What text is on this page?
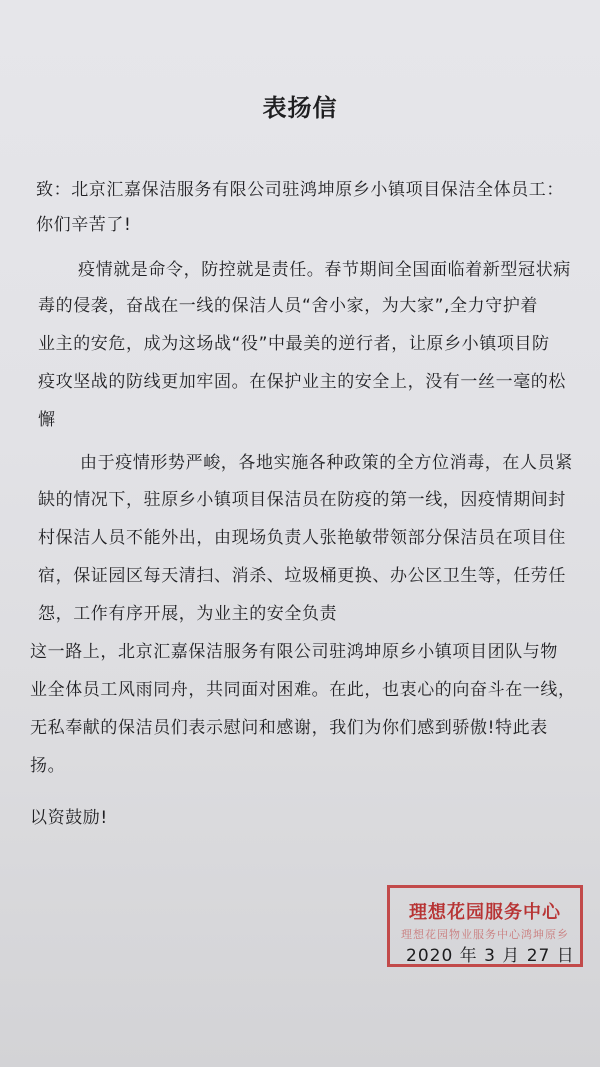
表扬信
致：北京汇嘉保洁服务有限公司驻鸿坤原乡小镇项目保洁全体员工：
你们辛苦了!
疫情就是命令，防控就是责任。春节期间全国面临着新型冠状病
毒的侵袭，奋战在一线的保洁人员“舍小家，为大家”,全力守护着
业主的安危，成为这场战“役”中最美的逆行者，让原乡小镇项目防
疫攻坚战的防线更加牢固。在保护业主的安全上，没有一丝一毫的松
懈
由于疫情形势严峻，各地实施各种政策的全方位消毒，在人员紧
缺的情况下，驻原乡小镇项目保洁员在防疫的第一线，因疫情期间封
村保洁人员不能外出，由现场负责人张艳敏带领部分保洁员在项目住
宿，保证园区每天清扫、消杀、垃圾桶更换、办公区卫生等，任劳任
怨，工作有序开展，为业主的安全负责
这一路上，北京汇嘉保洁服务有限公司驻鸿坤原乡小镇项目团队与物
业全体员工风雨同舟，共同面对困难。在此，也衷心的向奋斗在一线，
无私奉献的保洁员们表示慰问和感谢，我们为你们感到骄傲!特此表
扬。
以资鼓励!
理想花园服务中心
理想花园物业服务中心鸿坤原乡
2020 年 3 月 27 日
